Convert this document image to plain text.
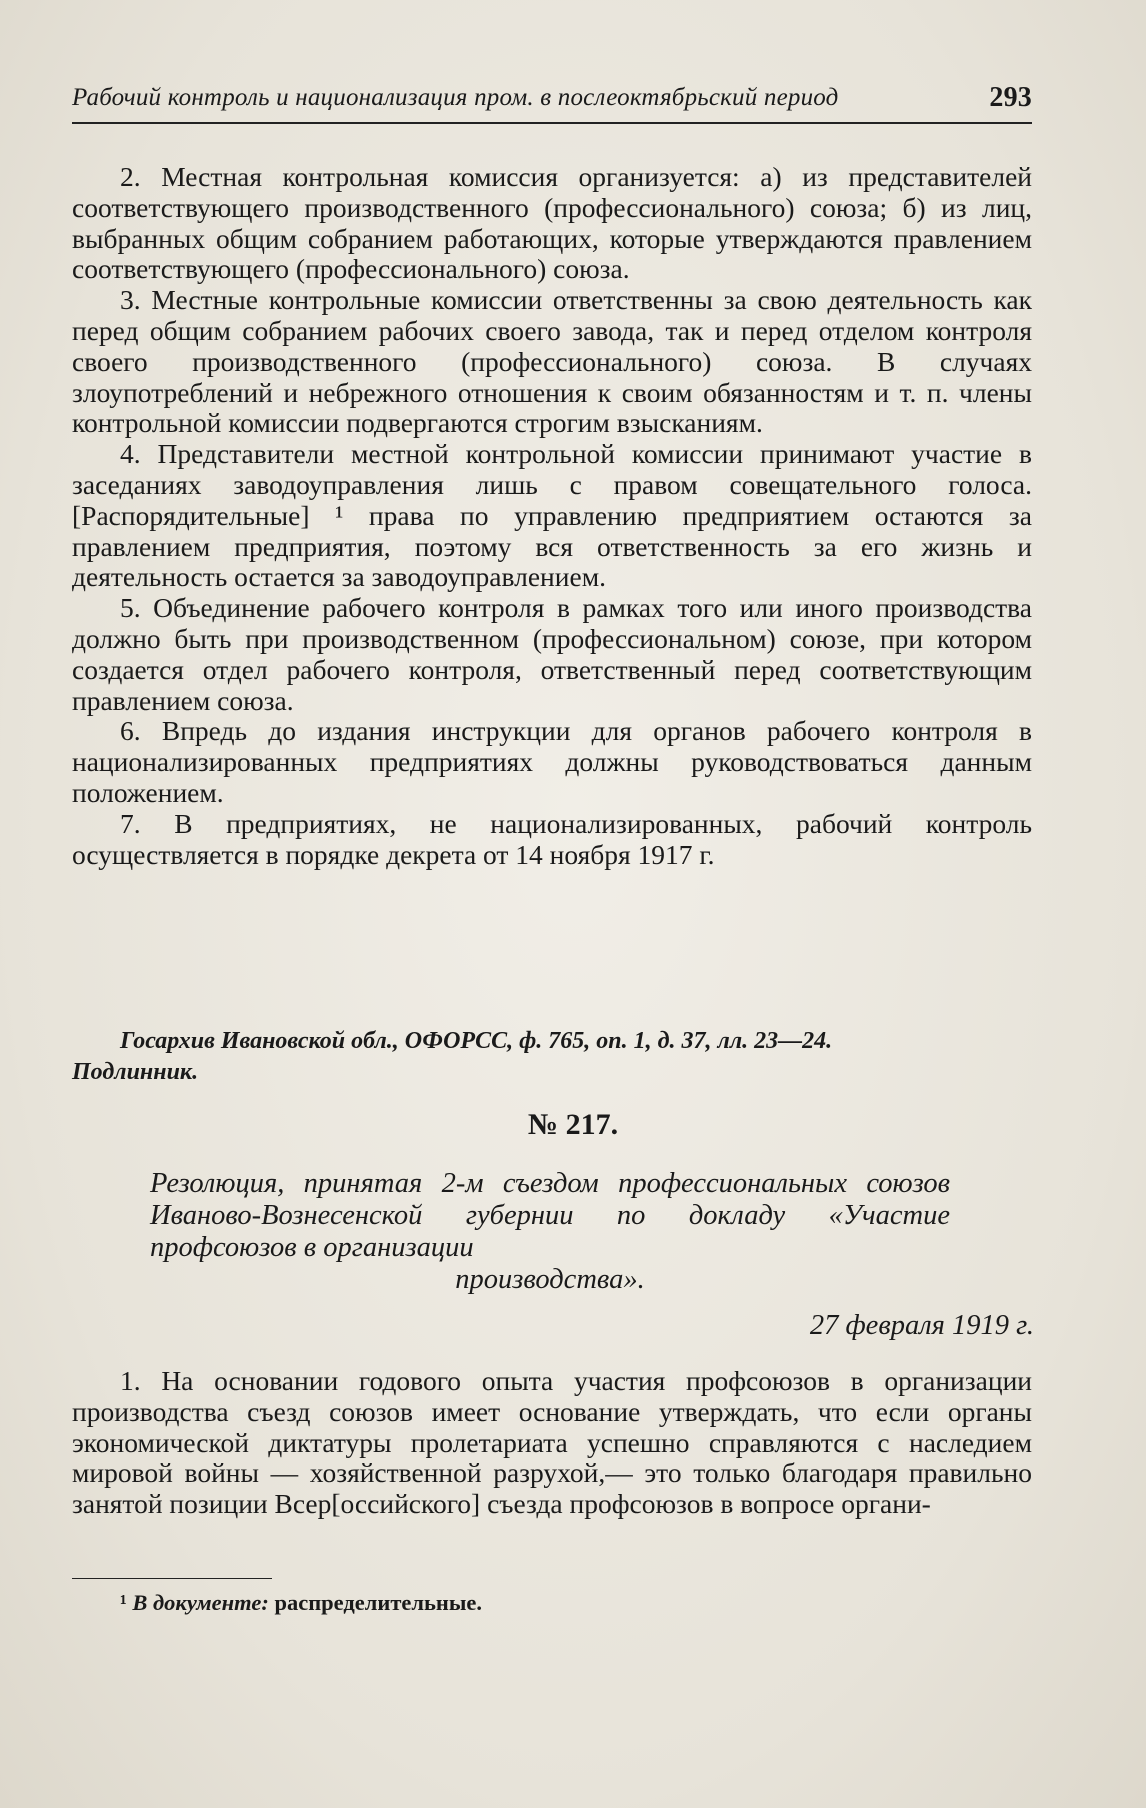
Рабочий контроль и национализация пром. в послеоктябрьский период	293

2. Местная контрольная комиссия организуется: а) из представителей соответствующего производственного (профессионального) союза; б) из лиц, выбранных общим собранием работающих, которые утверждаются правлением соответствующего (профессионального) союза.

3. Местные контрольные комиссии ответственны за свою деятельность как перед общим собранием рабочих своего завода, так и перед отделом контроля своего производственного (профессионального) союза. В случаях злоупотреблений и небрежного отношения к своим обязанностям и т. п. члены контрольной комиссии подвергаются строгим взысканиям.

4. Представители местной контрольной комиссии принимают участие в заседаниях заводоуправления лишь с правом совещательного голоса. [Распорядительные] ¹ права по управлению предприятием остаются за правлением предприятия, поэтому вся ответственность за его жизнь и деятельность остается за заводоуправлением.

5. Объединение рабочего контроля в рамках того или иного производства должно быть при производственном (профессиональном) союзе, при котором создается отдел рабочего контроля, ответственный перед соответствующим правлением союза.

6. Впредь до издания инструкции для органов рабочего контроля в национализированных предприятиях должны руководствоваться данным положением.

7. В предприятиях, не национализированных, рабочий контроль осуществляется в порядке декрета от 14 ноября 1917 г.

Госархив Ивановской обл., ОФОРСС, ф. 765, оп. 1, д. 37, лл. 23—24.

Подлинник.
№ 217.
Резолюция, принятая 2-м съездом профессиональных союзов Иваново-Вознесенской губернии по докладу «Участие профсоюзов в организации
производства».
27 февраля 1919 г.

1. На основании годового опыта участия профсоюзов в организации производства съезд союзов имеет основание утверждать, что если органы экономической диктатуры пролетариата успешно справляются с наследием мировой войны — хозяйственной разрухой,— это только благодаря правильно занятой позиции Всер[оссийского] съезда профсоюзов в вопросе органи-

¹ В документе: распределительные.
